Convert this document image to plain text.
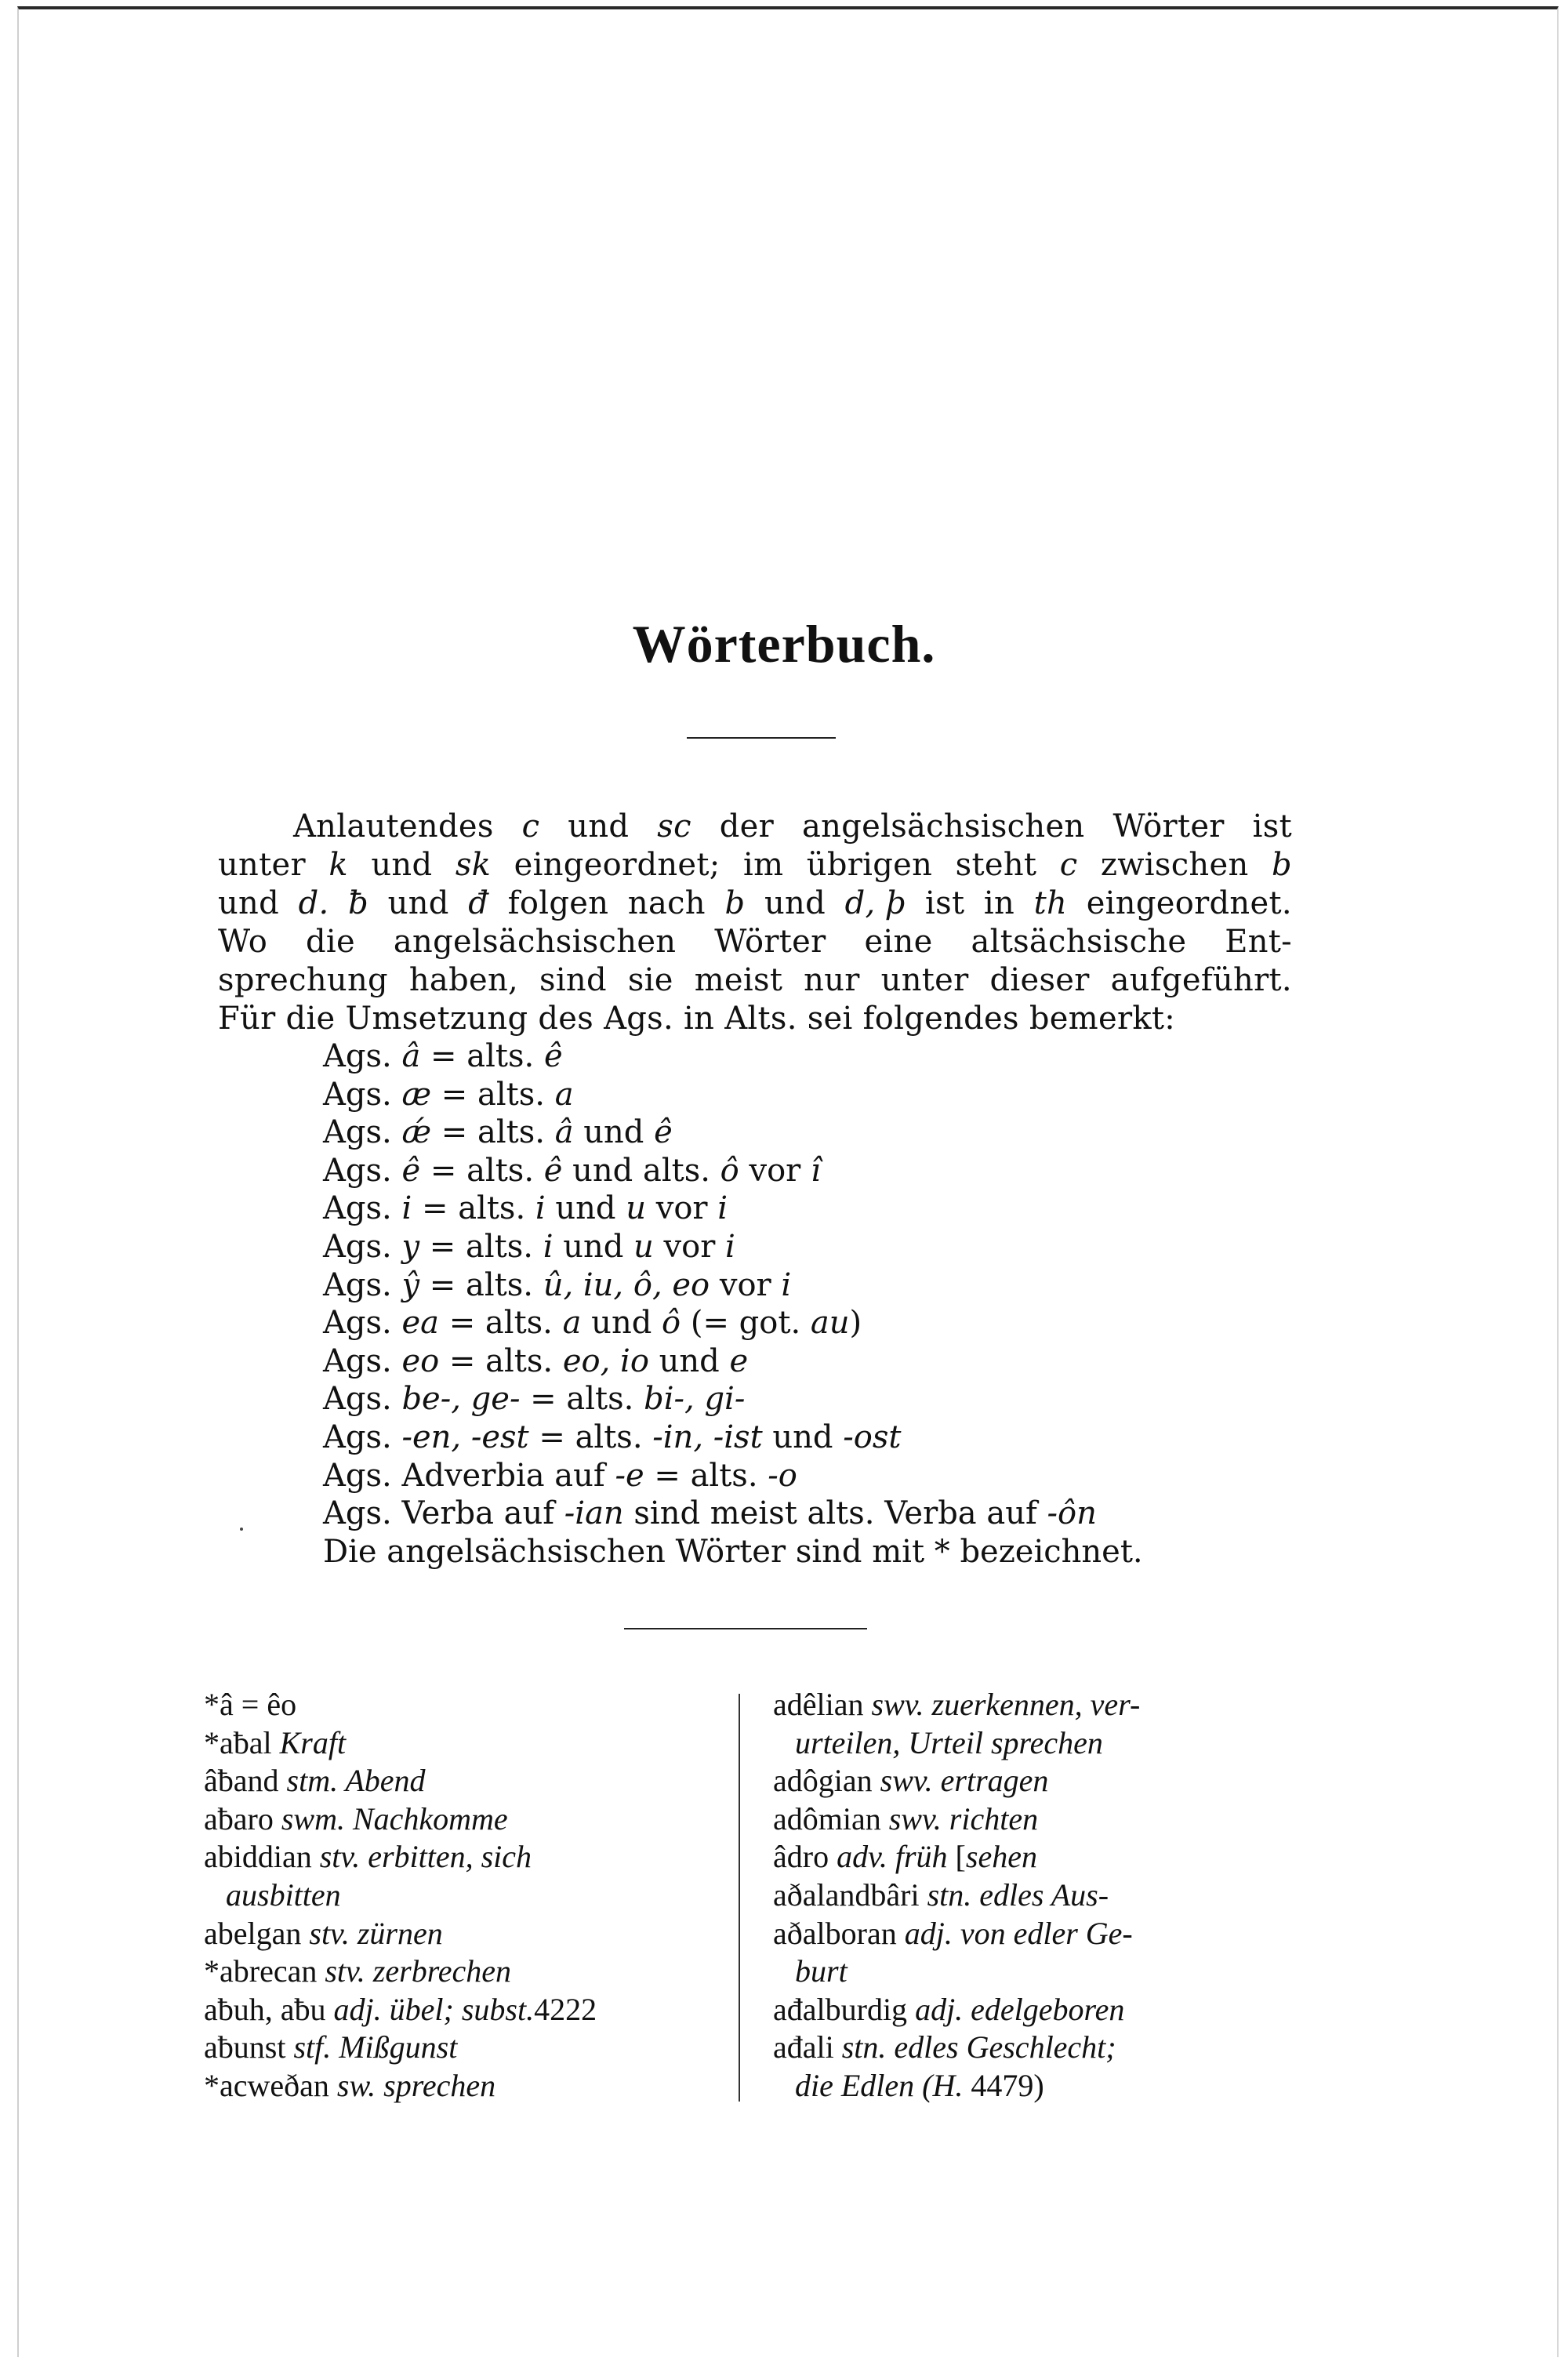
Wörterbuch.
Anlautendes c und sc der angelsächsischen Wörter ist
unter k und sk eingeordnet; im übrigen steht c zwischen b
und d. ƀ und đ folgen nach b und d, þ ist in th eingeordnet.
Wo die angelsächsischen Wörter eine altsächsische Ent-
sprechung haben, sind sie meist nur unter dieser aufgeführt.
Für die Umsetzung des Ags. in Alts. sei folgendes bemerkt:
Ags. â = alts. ê
Ags. æ = alts. a
Ags. ǽ = alts. â und ê
Ags. ê = alts. ê und alts. ô vor î
Ags. i = alts. i und u vor i
Ags. y = alts. i und u vor i
Ags. ŷ = alts. û, iu, ô, eo vor i
Ags. ea = alts. a und ô (= got. au)
Ags. eo = alts. eo, io und e
Ags. be-, ge- = alts. bi-, gi-
Ags. -en, -est = alts. -in, -ist und -ost
Ags. Adverbia auf -e = alts. -o
Ags. Verba auf -ian sind meist alts. Verba auf -ôn
Die angelsächsischen Wörter sind mit * bezeichnet.
*â = êo
*aƀal Kraft
âƀand stm. Abend
aƀaro swm. Nachkomme
abiddian stv. erbitten, sich
ausbitten
abelgan stv. zürnen
*abrecan stv. zerbrechen
aƀuh, aƀu adj. übel; subst.4222
aƀunst stf. Mißgunst
*acweðan sw. sprechen
adêlian swv. zuerkennen, ver-
urteilen, Urteil sprechen
adôgian swv. ertragen
adômian swv. richten
âdro adv. früh [sehen
aðalandbâri stn. edles Aus-
aðalboran adj. von edler Ge-
burt
ađalburdig adj. edelgeboren
ađali stn. edles Geschlecht;
die Edlen (H. 4479)
